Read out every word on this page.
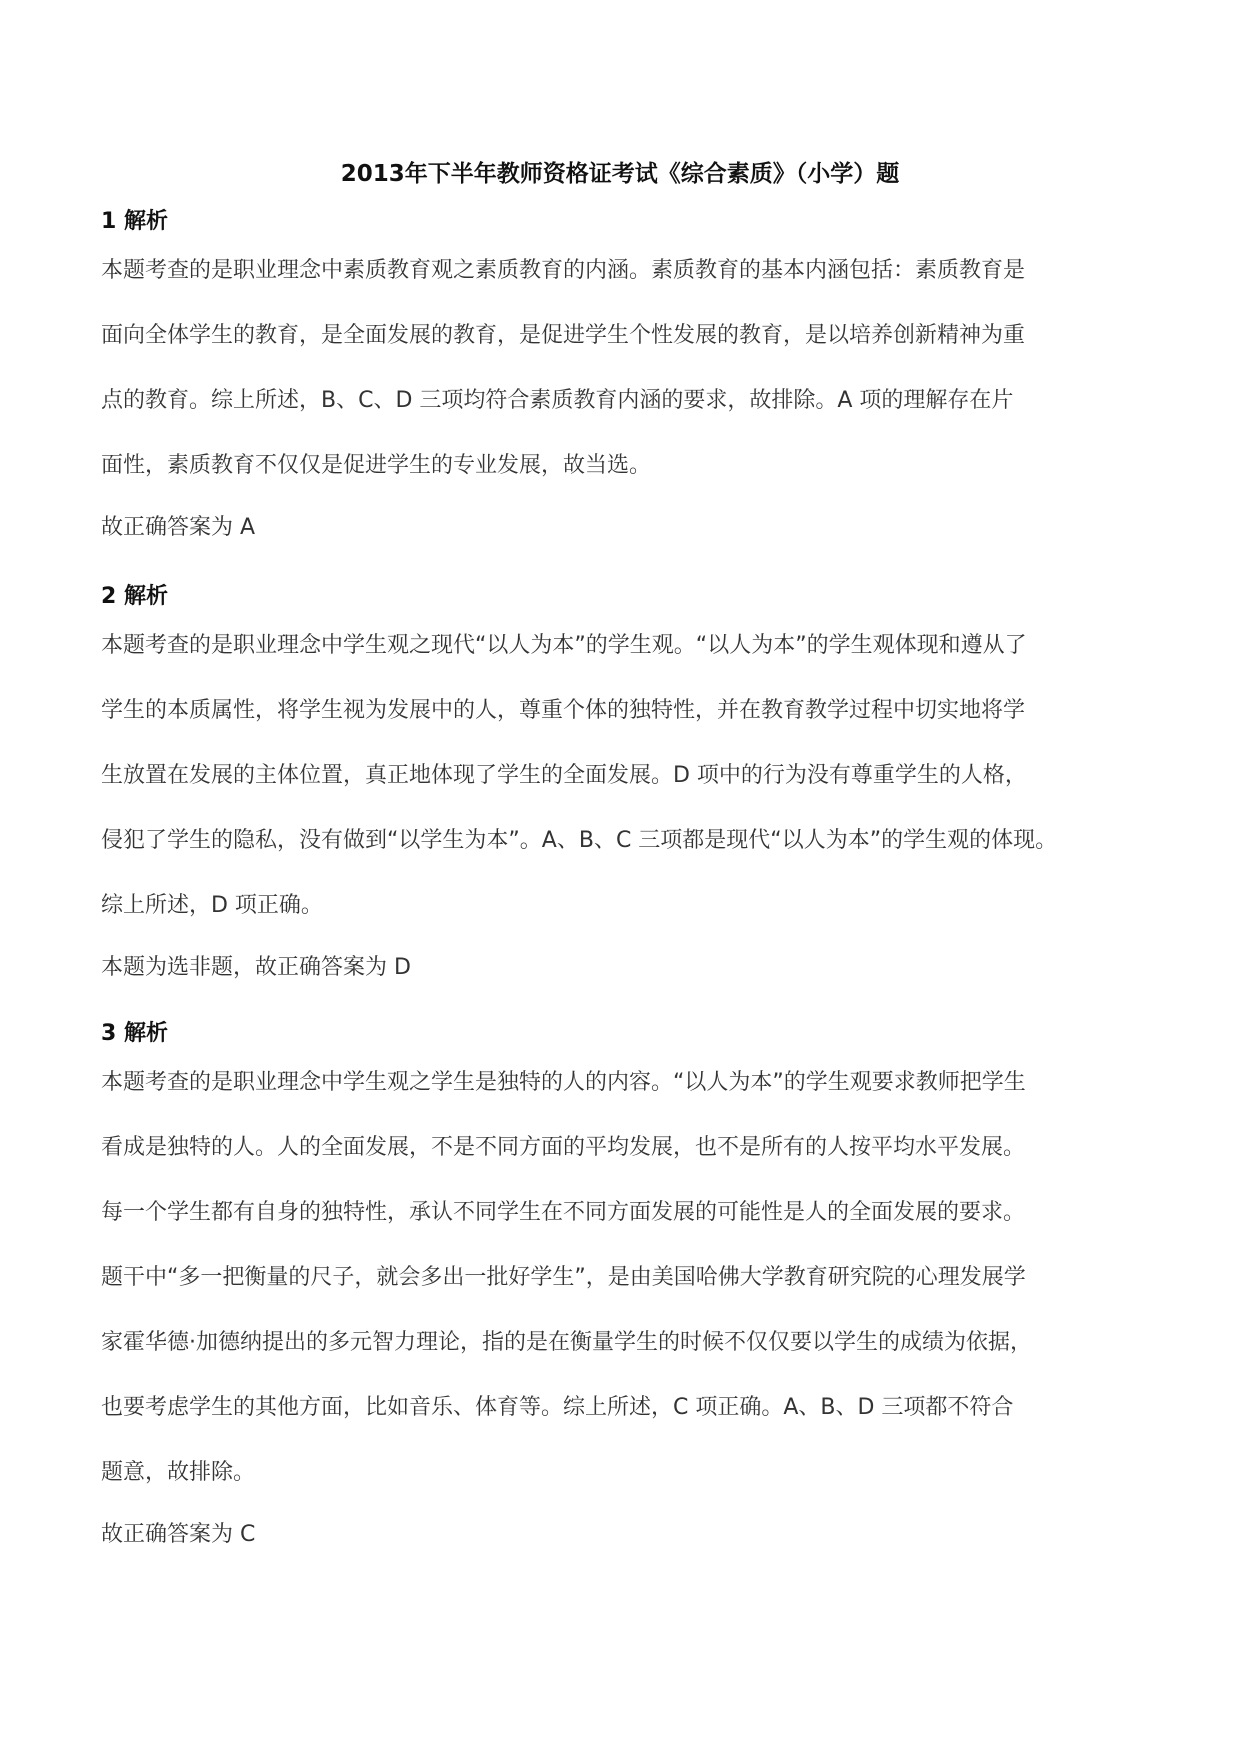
2013年下半年教师资格证考试《综合素质》（小学）题
1 解析
本题考查的是职业理念中素质教育观之素质教育的内涵。素质教育的基本内涵包括：素质教育是
面向全体学生的教育，是全面发展的教育，是促进学生个性发展的教育，是以培养创新精神为重
点的教育。综上所述，B、C、D 三项均符合素质教育内涵的要求，故排除。A 项的理解存在片
面性，素质教育不仅仅是促进学生的专业发展，故当选。
故正确答案为 A
2 解析
本题考查的是职业理念中学生观之现代“以人为本”的学生观。“以人为本”的学生观体现和遵从了
学生的本质属性，将学生视为发展中的人，尊重个体的独特性，并在教育教学过程中切实地将学
生放置在发展的主体位置，真正地体现了学生的全面发展。D 项中的行为没有尊重学生的人格，
侵犯了学生的隐私，没有做到“以学生为本”。A、B、C 三项都是现代“以人为本”的学生观的体现。
综上所述，D 项正确。
本题为选非题，故正确答案为 D
3 解析
本题考查的是职业理念中学生观之学生是独特的人的内容。“以人为本”的学生观要求教师把学生
看成是独特的人。人的全面发展，不是不同方面的平均发展，也不是所有的人按平均水平发展。
每一个学生都有自身的独特性，承认不同学生在不同方面发展的可能性是人的全面发展的要求。
题干中“多一把衡量的尺子，就会多出一批好学生”，是由美国哈佛大学教育研究院的心理发展学
家霍华德·加德纳提出的多元智力理论，指的是在衡量学生的时候不仅仅要以学生的成绩为依据，
也要考虑学生的其他方面，比如音乐、体育等。综上所述，C 项正确。A、B、D 三项都不符合
题意，故排除。
故正确答案为 C
